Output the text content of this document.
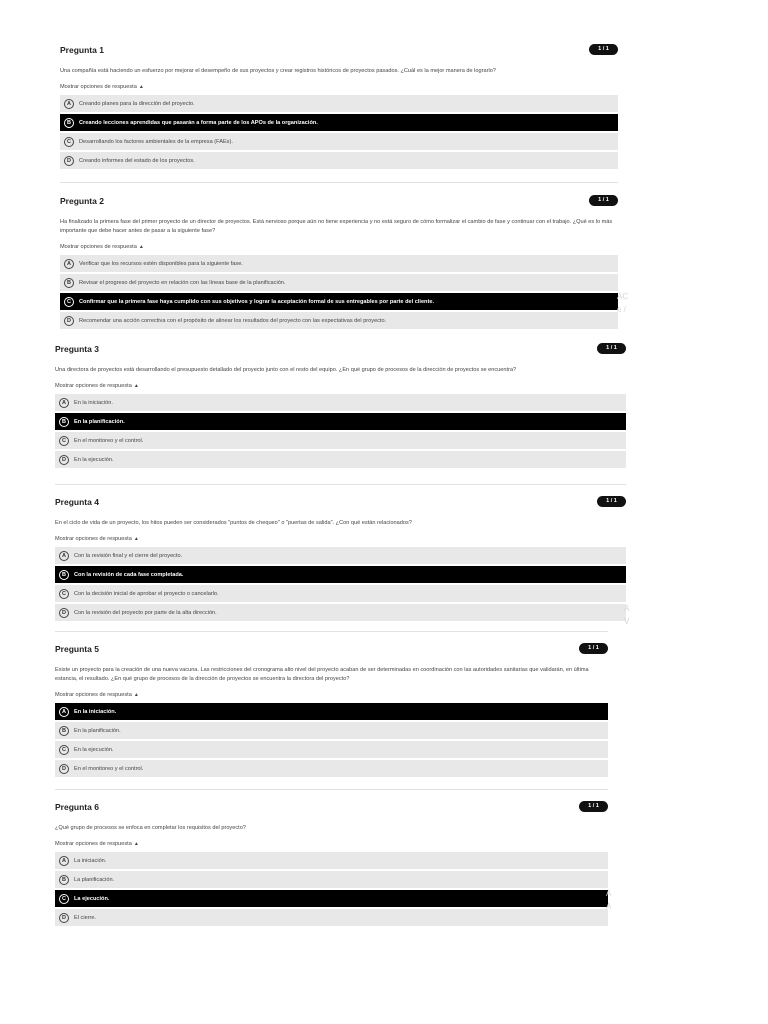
Pregunta 1	1 / 1
Una compañía está haciendo un esfuerzo por mejorar el desempeño de sus proyectos y crear registros históricos de proyectos pasados. ¿Cuál es la mejor manera de lograrlo?
Mostrar opciones de respuesta ▲
A	Creando planes para la dirección del proyecto.
B	Creando lecciones aprendidas que pasarán a forma parte de los APOs de la organización.
C	Desarrollando los factores ambientales de la empresa (FAEs).
D	Creando informes del estado de los proyectos.
Pregunta 2	1 / 1
Ha finalizado la primera fase del primer proyecto de un director de proyectos. Está nervioso porque aún no tiene experiencia y no está seguro de cómo formalizar el cambio de fase y continuar con el trabajo. ¿Qué es lo más importante que debe hacer antes de pasar a la siguiente fase?
Mostrar opciones de respuesta ▲
A	Verificar que los recursos estén disponibles para la siguiente fase.
B	Revisar el progreso del proyecto en relación con las líneas base de la planificación.
C	Confirmar que la primera fase haya cumplido con sus objetivos y lograr la aceptación formal de sus entregables por parte del cliente.
D	Recomendar una acción correctiva con el propósito de alinear los resultados del proyecto con las expectativas del proyecto.
AC
e /
Pregunta 3	1 / 1
Una directora de proyectos está desarrollando el presupuesto detallado del proyecto junto con el resto del equipo. ¿En qué grupo de procesos de la dirección de proyectos se encuentra?
Mostrar opciones de respuesta ▲
A	En la iniciación.
B	En la planificación.
C	En el monitoreo y el control.
D	En la ejecución.
Pregunta 4	1 / 1
En el ciclo de vida de un proyecto, los hitos pueden ser considerados "puntos de chequeo" o "puertas de salida". ¿Con qué están relacionados?
Mostrar opciones de respuesta ▲
A	Con la revisión final y el cierre del proyecto.
B	Con la revisión de cada fase completada.
C	Con la decisión inicial de aprobar el proyecto o cancelarlo.
D	Con la revisión del proyecto por parte de la alta dirección.	A
V
Pregunta 5	1 / 1
Existe un proyecto para la creación de una nueva vacuna. Las restricciones del cronograma alto nivel del proyecto acaban de ser determinadas en coordinación con las autoridades sanitarias que validarán, en última estancia, el resultado. ¿En qué grupo de procesos de la dirección de proyectos se encuentra la directora del proyecto?
Mostrar opciones de respuesta ▲
A	En la iniciación.
B	En la planificación.
C	En la ejecución.
D	En el monitoreo y el control.
Pregunta 6	1 / 1
¿Qué grupo de procesos se enfoca en completar los requisitos del proyecto?
Mostrar opciones de respuesta ▲
A	La iniciación.
B	La planificación.
C	La ejecución.
D	El cierre.
A
A
